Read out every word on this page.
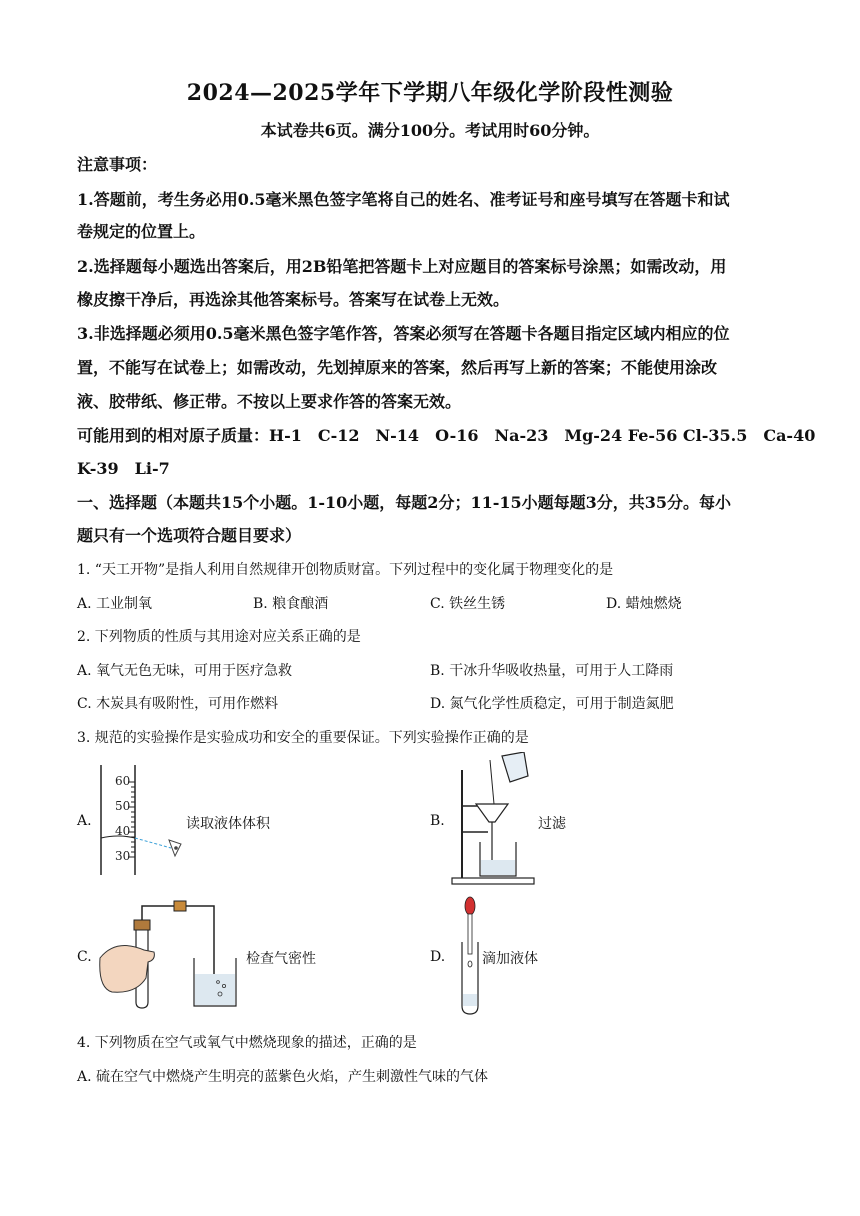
2024—2025学年下学期八年级化学阶段性测验
本试卷共6页。满分100分。考试用时60分钟。
注意事项：
1.答题前，考生务必用0.5毫米黑色签字笔将自己的姓名、准考证号和座号填写在答题卡和试
卷规定的位置上。
2.选择题每小题选出答案后，用2B铅笔把答题卡上对应题目的答案标号涂黑；如需改动，用
橡皮擦干净后，再选涂其他答案标号。答案写在试卷上无效。
3.非选择题必须用0.5毫米黑色签字笔作答，答案必须写在答题卡各题目指定区域内相应的位
置，不能写在试卷上；如需改动，先划掉原来的答案，然后再写上新的答案；不能使用涂改
液、胶带纸、修正带。不按以上要求作答的答案无效。
可能用到的相对原子质量：H-1　C-12　N-14　O-16　Na-23　Mg-24 Fe-56 Cl-35.5　Ca-40
K-39　Li-7
一、选择题（本题共15个小题。1-10小题，每题2分；11-15小题每题3分，共35分。每小
题只有一个选项符合题目要求）
1. “天工开物”是指人利用自然规律开创物质财富。下列过程中的变化属于物理变化的是
A. 工业制氧	B. 粮食酿酒	C. 铁丝生锈	D. 蜡烛燃烧
2. 下列物质的性质与其用途对应关系正确的是
A. 氧气无色无味，可用于医疗急救	B. 干冰升华吸收热量，可用于人工降雨
C. 木炭具有吸附性，可用作燃料	D. 氮气化学性质稳定，可用于制造氮肥
3. 规范的实验操作是实验成功和安全的重要保证。下列实验操作正确的是
A.
60
50
40
30
读取液体体积	B.	过滤
C.	检查气密性	D.	滴加液体
4. 下列物质在空气或氧气中燃烧现象的描述，正确的是
A. 硫在空气中燃烧产生明亮的蓝紫色火焰，产生刺激性气味的气体
